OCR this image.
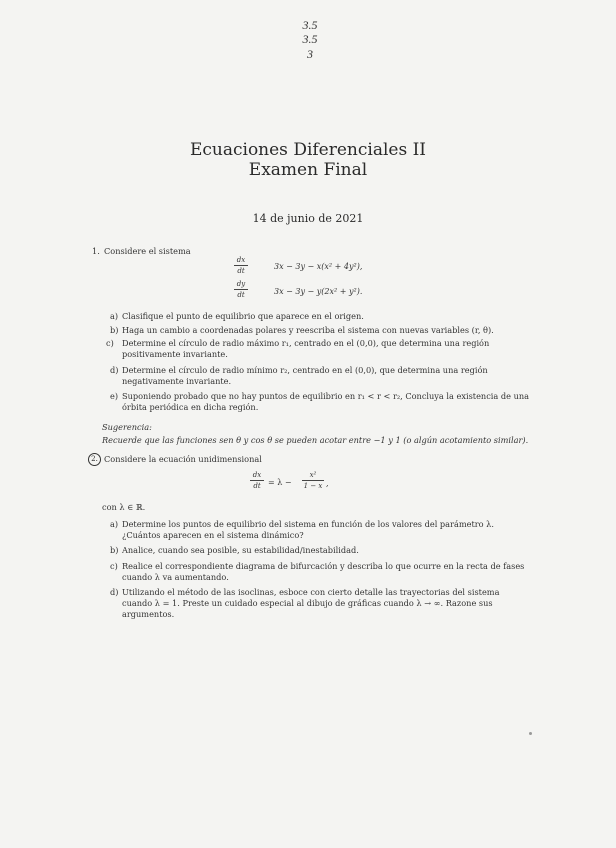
3.5
3.5
3
Ecuaciones Diferenciales II
Examen Final
14 de junio de 2021
1. Considere el sistema
dx
dt	3x − 3y − x(x² + 4y²),
dy
dt	3x − 3y − y(2x² + y²).
a) Clasifique el punto de equilibrio que aparece en el origen.
b) Haga un cambio a coordenadas polares y reescriba el sistema con nuevas variables (r, θ).
c) Determine el círculo de radio máximo r₁, centrado en el (0,0), que determina una región positivamente invariante.
d) Determine el círculo de radio mínimo r₂, centrado en el (0,0), que determina una región negativamente invariante.
e) Suponiendo probado que no hay puntos de equilibrio en r₁ < r < r₂, Concluya la existencia de una órbita periódica en dicha región.
Sugerencia:
Recuerde que las funciones sen θ y cos θ se pueden acotar entre −1 y 1 (o algún acotamiento similar).
2. Considere la ecuación unidimensional
dx
dt = λ −
x²
1 − x ,
con λ ∈ ℝ.
a) Determine los puntos de equilibrio del sistema en función de los valores del parámetro λ. ¿Cuántos aparecen en el sistema dinámico?
b) Analice, cuando sea posible, su estabilidad/inestabilidad.
c) Realice el correspondiente diagrama de bifurcación y describa lo que ocurre en la recta de fases cuando λ va aumentando.
d) Utilizando el método de las isoclinas, esboce con cierto detalle las trayectorias del sistema cuando λ = 1. Preste un cuidado especial al dibujo de gráficas cuando λ → ∞. Razone sus argumentos.
